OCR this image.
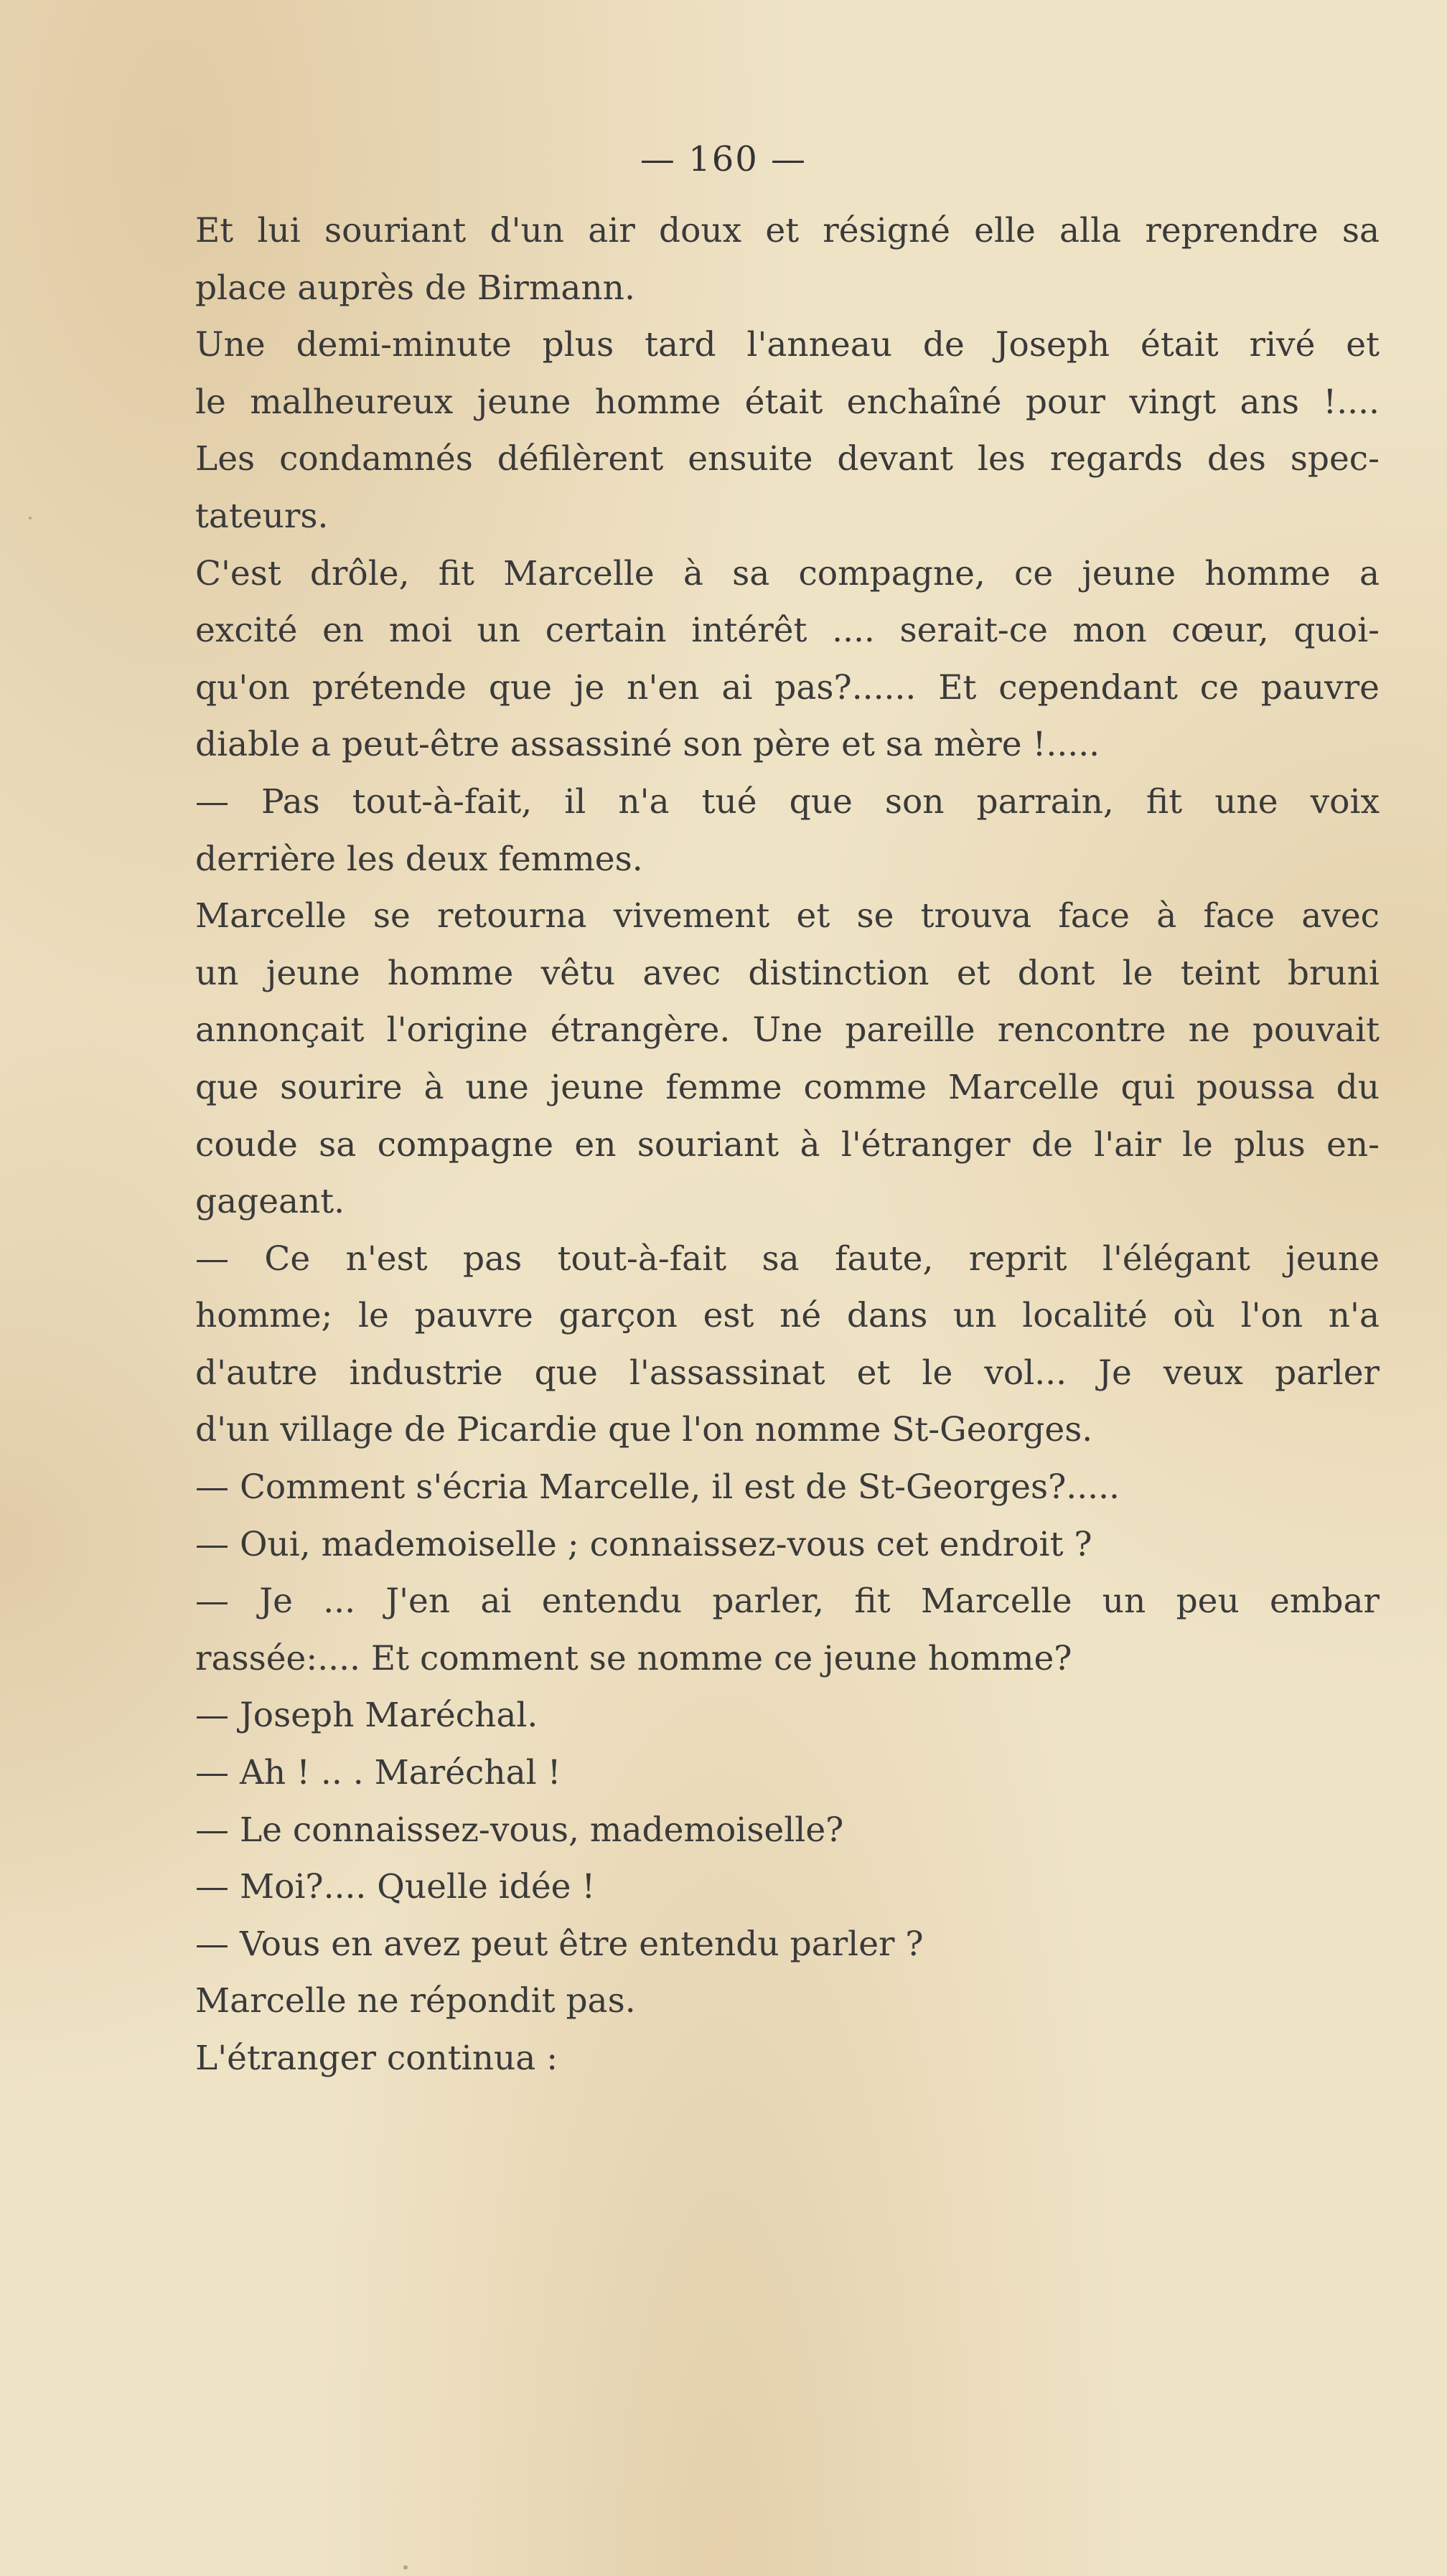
— 160 —
Et lui souriant d'un air doux et résigné elle alla reprendre sa
place auprès de Birmann.
Une demi-minute plus tard l'anneau de Joseph était rivé et
le malheureux jeune homme était enchaîné pour vingt ans !....
Les condamnés défilèrent ensuite devant les regards des spec-
tateurs.
C'est drôle, fit Marcelle à sa compagne, ce jeune homme a
excité en moi un certain intérêt .... serait-ce mon cœur, quoi-
qu'on prétende que je n'en ai pas?...... Et cependant ce pauvre
diable a peut-être assassiné son père et sa mère !.....
— Pas tout-à-fait, il n'a tué que son parrain, fit une voix
derrière les deux femmes.
Marcelle se retourna vivement et se trouva face à face avec
un jeune homme vêtu avec distinction et dont le teint bruni
annonçait l'origine étrangère. Une pareille rencontre ne pouvait
que sourire à une jeune femme comme Marcelle qui poussa du
coude sa compagne en souriant à l'étranger de l'air le plus en-
gageant.
— Ce n'est pas tout-à-fait sa faute, reprit l'élégant jeune
homme; le pauvre garçon est né dans un localité où l'on n'a
d'autre industrie que l'assassinat et le vol... Je veux parler
d'un village de Picardie que l'on nomme St-Georges.
— Comment s'écria Marcelle, il est de St-Georges?.....
— Oui, mademoiselle ; connaissez-vous cet endroit ?
— Je ... J'en ai entendu parler, fit Marcelle un peu embar
rassée:.... Et comment se nomme ce jeune homme?
— Joseph Maréchal.
— Ah ! .. . Maréchal !
— Le connaissez-vous, mademoiselle?
— Moi?.... Quelle idée !
— Vous en avez peut être entendu parler ?
Marcelle ne répondit pas.
L'étranger continua :
